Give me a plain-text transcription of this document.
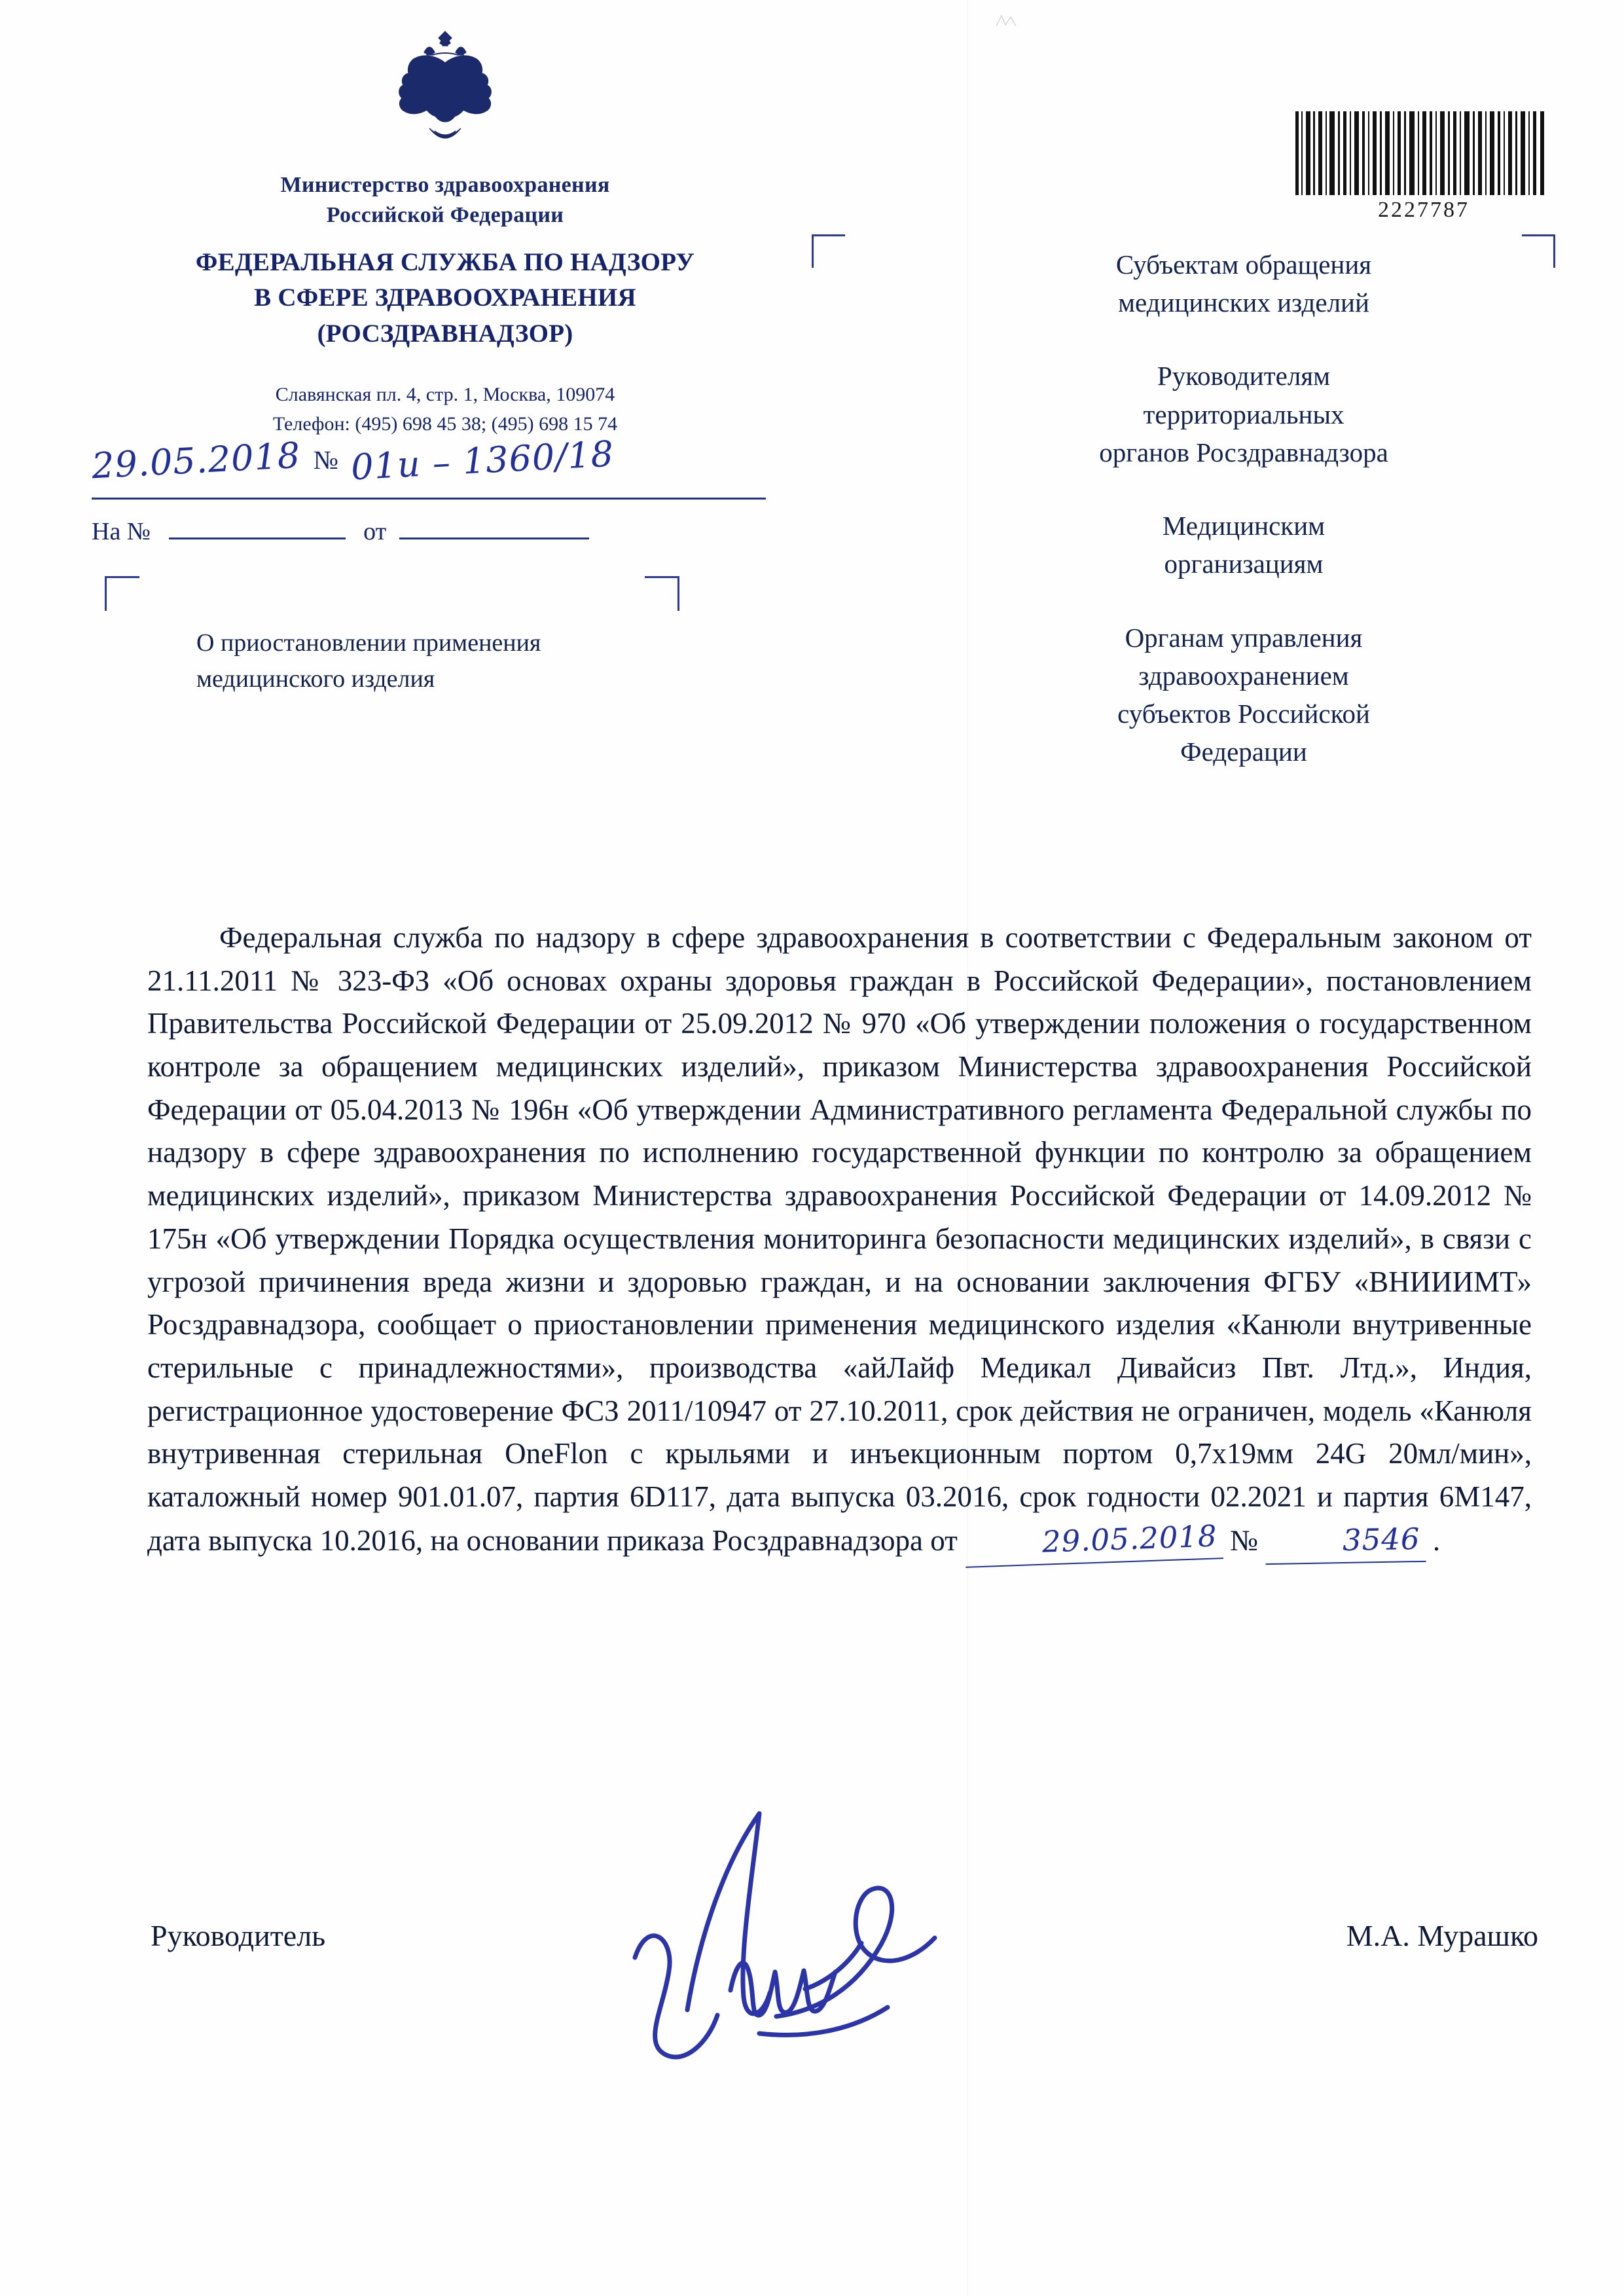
Министерство здравоохранения
Российской Федерации
ФЕДЕРАЛЬНАЯ СЛУЖБА ПО НАДЗОРУ
В СФЕРЕ ЗДРАВООХРАНЕНИЯ
(РОСЗДРАВНАДЗОР)
Славянская пл. 4, стр. 1, Москва, 109074
Телефон: (495) 698 45 38; (495) 698 15 74
29.05.2018 № 01и – 1360/18
На №	от
О приостановлении применения
медицинского изделия
2227787
Субъектам обращения
медицинских изделий
Руководителям
территориальных
органов Росздравнадзора
Медицинским
организациям
Органам управления
здравоохранением
субъектов Российской
Федерации
Федеральная служба по надзору в сфере здравоохранения в соответствии с Федеральным законом от 21.11.2011 № 323-ФЗ «Об основах охраны здоровья граждан в Российской Федерации», постановлением Правительства Российской Федерации от 25.09.2012 № 970 «Об утверждении положения о государственном контроле за обращением медицинских изделий», приказом Министерства здравоохранения Российской Федерации от 05.04.2013 № 196н «Об утверждении Административного регламента Федеральной службы по надзору в сфере здравоохранения по исполнению государственной функции по контролю за обращением медицинских изделий», приказом Министерства здравоохранения Российской Федерации от 14.09.2012 № 175н «Об утверждении Порядка осуществления мониторинга безопасности медицинских изделий», в связи с угрозой причинения вреда жизни и здоровью граждан, и на основании заключения ФГБУ «ВНИИИМТ» Росздравнадзора, сообщает о приостановлении применения медицинского изделия «Канюли внутривенные стерильные с принадлежностями», производства «айЛайф Медикал Дивайсиз Пвт. Лтд.», Индия, регистрационное удостоверение ФСЗ 2011/10947 от 27.10.2011, срок действия не ограничен, модель «Канюля внутривенная стерильная OneFlon с крыльями и инъекционным портом 0,7х19мм 24G 20мл/мин», каталожный номер 901.01.07, партия 6D117, дата выпуска 03.2016, срок годности 02.2021 и партия 6М147, дата выпуска 10.2016, на основании приказа Росздравнадзора от	29.05.2018 №	3546 .
Руководитель	М.А. Мурашко
